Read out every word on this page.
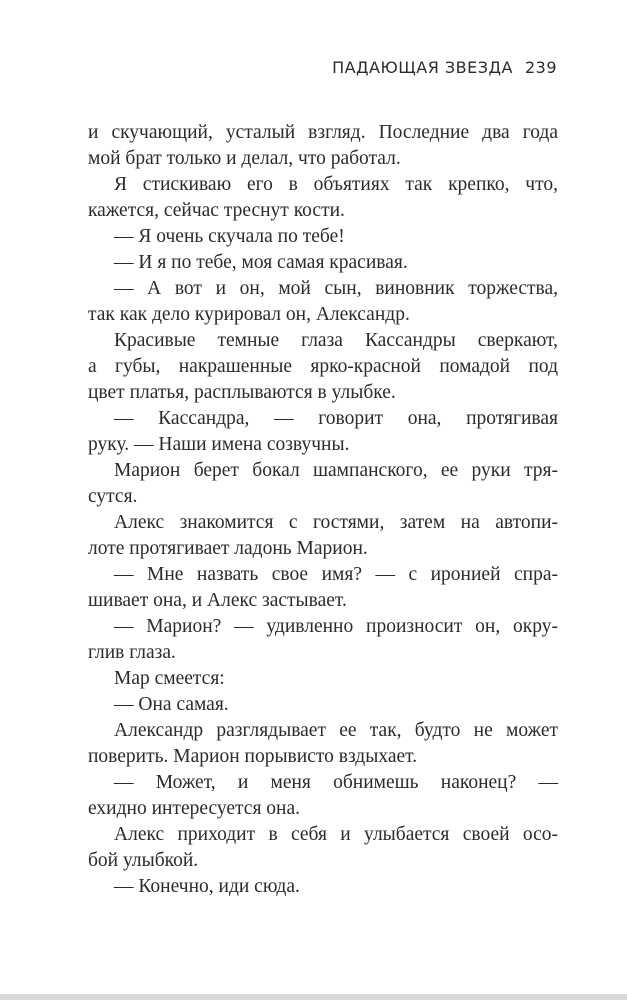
ПАДАЮЩАЯ ЗВЕЗДА 239
и скучающий, усталый взгляд. Последние два года
мой брат только и делал, что работал.
Я стискиваю его в объятиях так крепко, что,
кажется, сейчас треснут кости.
— Я очень скучала по тебе!
— И я по тебе, моя самая красивая.
— А вот и он, мой сын, виновник торжества,
так как дело курировал он, Александр.
Красивые темные глаза Кассандры сверкают,
а губы, накрашенные ярко-красной помадой под
цвет платья, расплываются в улыбке.
— Кассандра, — говорит она, протягивая
руку. — Наши имена созвучны.
Марион берет бокал шампанского, ее руки тря-
сутся.
Алекс знакомится с гостями, затем на автопи-
лоте протягивает ладонь Марион.
— Мне назвать свое имя? — с иронией спра-
шивает она, и Алекс застывает.
— Марион? — удивленно произносит он, окру-
глив глаза.
Мар смеется:
— Она самая.
Александр разглядывает ее так, будто не может
поверить. Марион порывисто вздыхает.
— Может, и меня обнимешь наконец? —
ехидно интересуется она.
Алекс приходит в себя и улыбается своей осо-
бой улыбкой.
— Конечно, иди сюда.
